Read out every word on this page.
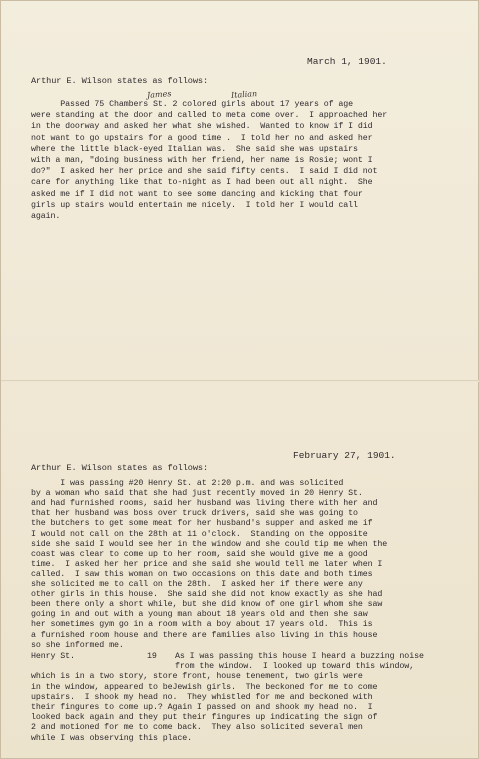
March 1, 1901.
Arthur E. Wilson states as follows:
James	Italian
Passed 75 Chambers St. 2 colored girls about 17 years of age
were standing at the door and called to meta come over.  I approached her
in the doorway and asked her what she wished.  Wanted to know if I did
not want to go upstairs for a good time .  I told her no and asked her
where the little black-eyed Italian was.  She said she was upstairs
with a man, "doing business with her friend, her name is Rosie; wont I
do?"  I asked her her price and she said fifty cents.  I said I did not
care for anything like that to-night as I had been out all night.  She
asked me if I did not want to see some dancing and kicking that four
girls up stairs would entertain me nicely.  I told her I would call
again.
February 27, 1901.
Arthur E. Wilson states as follows:
I was passing #20 Henry St. at 2:20 p.m. and was solicited
by a woman who said that she had just recently moved in 20 Henry St.
and had furnished rooms, said her husband was living there with her and
that her husband was boss over truck drivers, said she was going to
the butchers to get some meat for her husband's supper and asked me if
I would not call on the 28th at 11 o'clock.  Standing on the opposite
side she said I would see her in the window and she could tip me when the
coast was clear to come up to her room, said she would give me a good
time.  I asked her her price and she said she would tell me later when I
called.  I saw this woman on two occasions on this date and both times
she solicited me to call on the 28th.  I asked her if there were any
other girls in this house.  She said she did not know exactly as she had
been there only a short while, but she did know of one girl whom she saw
going in and out with a young man about 18 years old and then she saw
her sometimes gym go in a room with a boy about 17 years old.  This is
a furnished room house and there are families also living in this house
so she informed me.
Henry St.	19 As I was passing this house I heard a buzzing noise
from the window.  I looked up toward this window,
which is in a two story, store front, house tenement, two girls were
in the window, appeared to beJewish girls.  The beckoned for me to come
upstairs.  I shook my head no.  They whistled for me and beckoned with
their fingures to come up.? Again I passed on and shook my head no.  I
looked back again and they put their fingures up indicating the sign of
2 and motioned for me to come back.  They also solicited several men
while I was observing this place.
